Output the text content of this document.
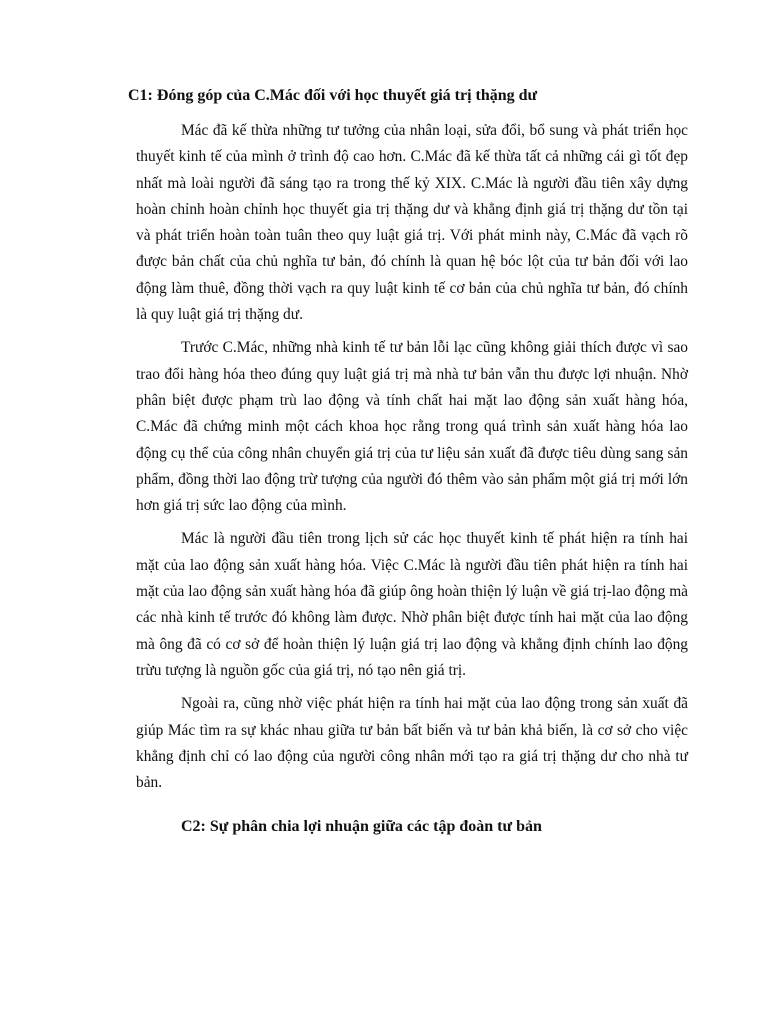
C1: Đóng góp của C.Mác đối với học thuyết giá trị thặng dư

Mác đã kế thừa những tư tưởng của nhân loại, sửa đổi, bổ sung và phát triển học thuyết kinh tế của mình ở trình độ cao hơn. C.Mác đã kế thừa tất cả những cái gì tốt đẹp nhất mà loài người đã sáng tạo ra trong thế kỷ XIX. C.Mác là người đầu tiên xây dựng hoàn chỉnh hoàn chỉnh học thuyết gia trị thặng dư và khẳng định giá trị thặng dư tồn tại và phát triển hoàn toàn tuân theo quy luật giá trị. Với phát minh này, C.Mác đã vạch rõ được bản chất của chủ nghĩa tư bản, đó chính là quan hệ bóc lột của tư bản đối với lao động làm thuê, đồng thời vạch ra quy luật kinh tế cơ bản của chủ nghĩa tư bản, đó chính là quy luật giá trị thặng dư.

Trước C.Mác, những nhà kinh tế tư bản lỗi lạc cũng không giải thích được vì sao trao đổi hàng hóa theo đúng quy luật giá trị mà nhà tư bản vẫn thu được lợi nhuận. Nhờ phân biệt được phạm trù lao động và tính chất hai mặt lao động sản xuất hàng hóa, C.Mác đã chứng minh một cách khoa học rằng trong quá trình sản xuất hàng hóa lao động cụ thể của công nhân chuyển giá trị của tư liệu sản xuất đã được tiêu dùng sang sản phẩm, đồng thời lao động trừ tượng của người đó thêm vào sản phẩm một giá trị mới lớn hơn giá trị sức lao động của mình.

Mác là người đầu tiên trong lịch sử các học thuyết kinh tế phát hiện ra tính hai mặt của lao động sản xuất hàng hóa. Việc C.Mác là người đầu tiên phát hiện ra tính hai mặt của lao động sản xuất hàng hóa đã giúp ông hoàn thiện lý luận về giá trị-lao động mà các nhà kinh tế trước đó không làm được. Nhờ phân biệt được tính hai mặt của lao động mà ông đã có cơ sở để hoàn thiện lý luận giá trị lao động và khẳng định chính lao động trừu tượng là nguồn gốc của giá trị, nó tạo nên giá trị.

Ngoài ra, cũng nhờ việc phát hiện ra tính hai mặt của lao động trong sản xuất đã giúp Mác tìm ra sự khác nhau giữa tư bản bất biến và tư bản khả biến, là cơ sở cho việc khẳng định chỉ có lao động của người công nhân mới tạo ra giá trị thặng dư cho nhà tư bản.

C2: Sự phân chia lợi nhuận giữa các tập đoàn tư bản
